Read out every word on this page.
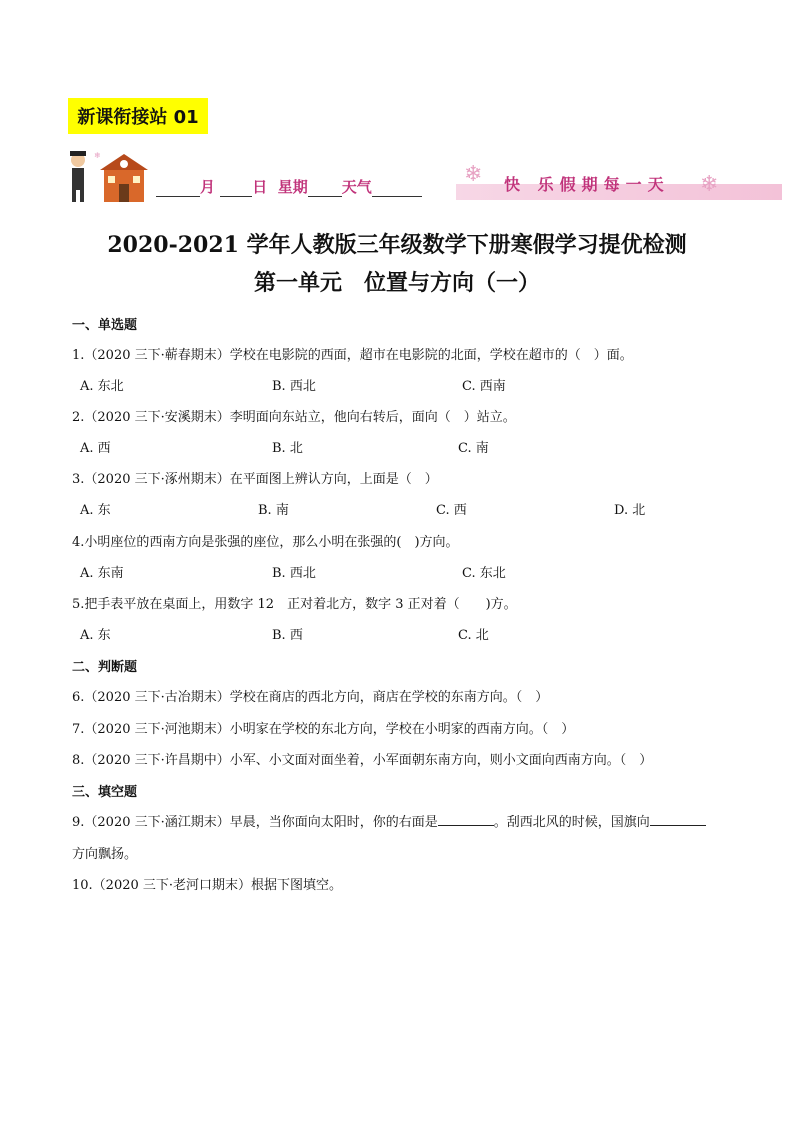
新课衔接站 01
❄
月 日 星期 天气	❄ 快 乐假期每一天 ❄
2020-2021 学年人教版三年级数学下册寒假学习提优检测
第一单元　位置与方向（一）
一、单选题
1.（2020 三下·蕲春期末）学校在电影院的西面，超市在电影院的北面，学校在超市的（　）面。
A. 东北	B. 西北	C. 西南
2.（2020 三下·安溪期末）李明面向东站立，他向右转后，面向（　）站立。
A. 西	B. 北	C. 南
3.（2020 三下·涿州期末）在平面图上辨认方向，上面是（　）
A. 东	B. 南	C. 西	D. 北
4.小明座位的西南方向是张强的座位，那么小明在张强的(　)方向。
A. 东南	B. 西北	C. 东北
5.把手表平放在桌面上，用数字 12　正对着北方，数字 3 正对着（　　)方。
A. 东	B. 西	C. 北
二、判断题
6.（2020 三下·古冶期末）学校在商店的西北方向，商店在学校的东南方向。（　）
7.（2020 三下·河池期末）小明家在学校的东北方向，学校在小明家的西南方向。（　）
8.（2020 三下·许昌期中）小军、小文面对面坐着，小军面朝东南方向，则小文面向西南方向。（　）
三、填空题
9.（2020 三下·涵江期末）早晨，当你面向太阳时，你的右面是	。刮西北风的时候，国旗向
方向飘扬。
10.（2020 三下·老河口期末）根据下图填空。
